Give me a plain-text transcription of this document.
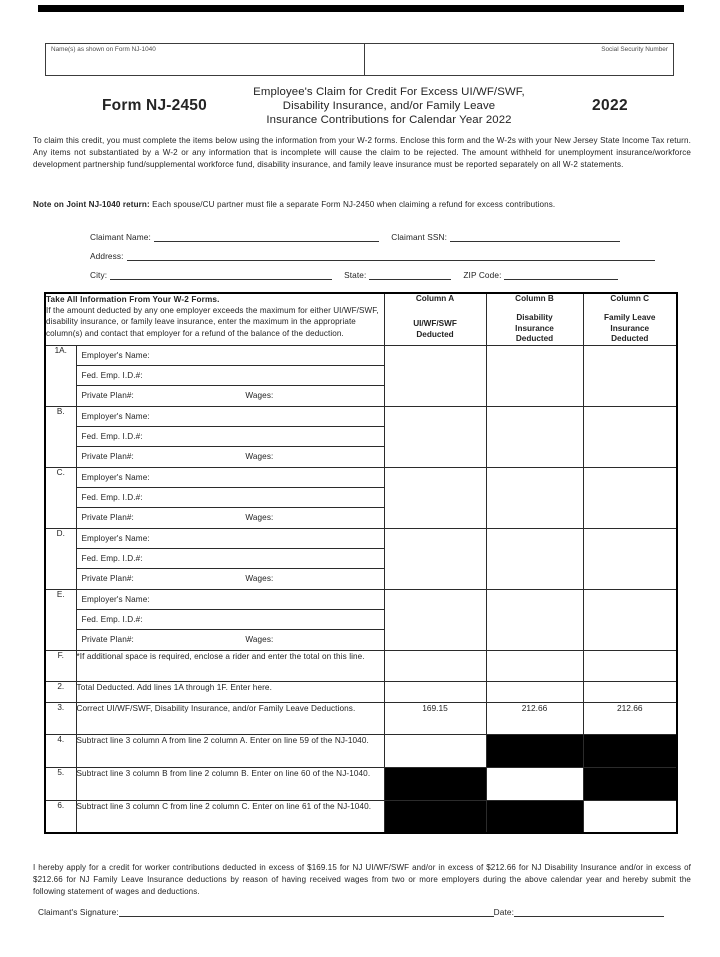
Name(s) as shown on Form NJ-1040	Social Security Number
Form NJ-2450
Employee's Claim for Credit For Excess UI/WF/SWF,
Disability Insurance, and/or Family Leave
Insurance Contributions for Calendar Year 2022
2022

To claim this credit, you must complete the items below using the information from your W-2 forms. Enclose this form and the W-2s with your New Jersey State Income Tax return. Any items not substantiated by a W-2 or any information that is incomplete will cause the claim to be rejected. The amount withheld for unemployment insurance/workforce development partnership fund/supplemental workforce fund, disability insurance, and family leave insurance must be reported separately on all W-2 statements.

Note on Joint NJ-1040 return: Each spouse/CU partner must file a separate Form NJ-2450 when claiming a refund for excess contributions.

Claimant Name:	Claimant SSN:
Address:
City:	State:	ZIP Code:
Take All Information From Your W-2 Forms.
If the amount deducted by any one employer exceeds the maximum for either UI/WF/SWF, disability insurance, or family leave insurance, enter the maximum in the appropriate column(s) and contact that employer for a refund of the balance of the deduction.

Column A
UI/WF/SWF
Deducted

Column B
Disability
Insurance
Deducted

Column C
Family Leave
Insurance
Deducted

1A.	Employer's Name:
Fed. Emp. I.D.#:
Private Plan#: Wages:			

B.	Employer's Name:
Fed. Emp. I.D.#:
Private Plan#: Wages:			

C.	Employer's Name:
Fed. Emp. I.D.#:
Private Plan#: Wages:			

D.	Employer's Name:
Fed. Emp. I.D.#:
Private Plan#: Wages:			

E.	Employer's Name:
Fed. Emp. I.D.#:
Private Plan#: Wages:			

F.	*If additional space is required, enclose a rider and enter the total on this line.			
2.	Total Deducted. Add lines 1A through 1F. Enter here.			
3.	Correct UI/WF/SWF, Disability Insurance, and/or Family Leave Deductions.	169.15	212.66	212.66
4.	Subtract line 3 column A from line 2 column A. Enter on line 59 of the NJ-1040.			
5.	Subtract line 3 column B from line 2 column B. Enter on line 60 of the NJ-1040.			
6.	Subtract line 3 column C from line 2 column C. Enter on line 61 of the NJ-1040.			

I hereby apply for a credit for worker contributions deducted in excess of $169.15 for NJ UI/WF/SWF and/or in excess of $212.66 for NJ Disability Insurance and/or in excess of $212.66 for NJ Family Leave Insurance deductions by reason of having received wages from two or more employers during the above calendar year and hereby submit the following statement of wages and deductions.

Claimant's Signature:	Date:
